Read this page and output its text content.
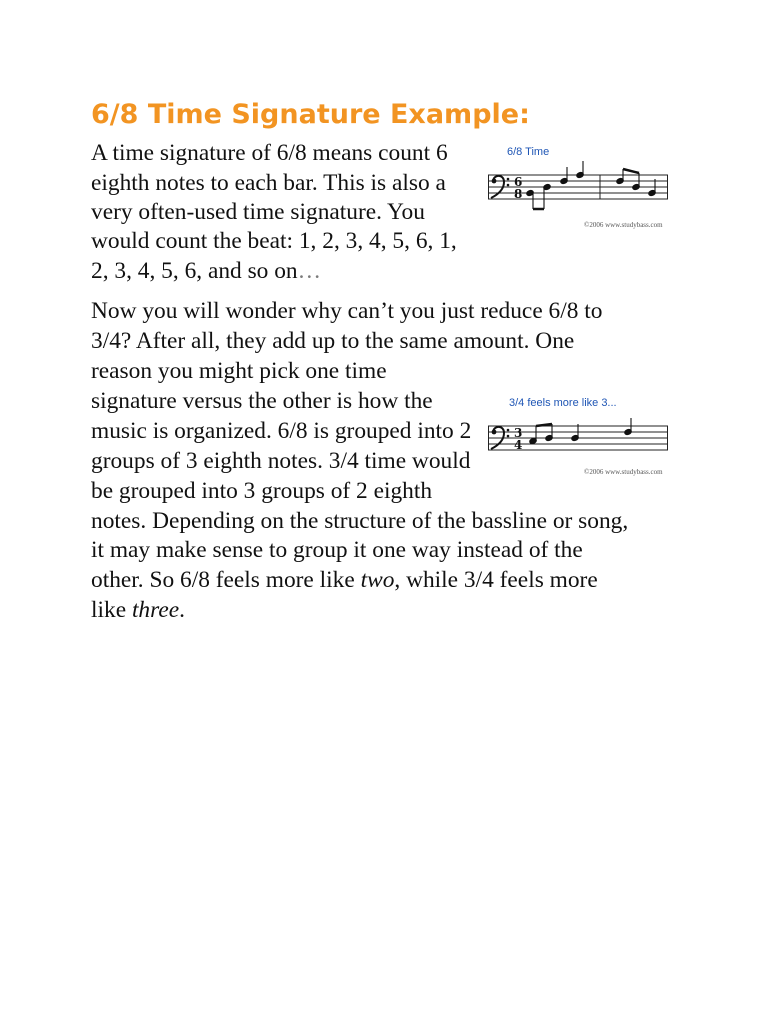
6/8 Time Signature Example:
A time signature of 6/8 means count 6
eighth notes to each bar. This is also a
very often-used time signature. You
would count the beat: 1, 2, 3, 4, 5, 6, 1,
2, 3, 4, 5, 6, and so on…
Now you will wonder why can’t you just reduce 6/8 to
3/4? After all, they add up to the same amount. One
reason you might pick one time
signature versus the other is how the
music is organized. 6/8 is grouped into 2
groups of 3 eighth notes. 3/4 time would
be grouped into 3 groups of 2 eighth
notes. Depending on the structure of the bassline or song,
it may make sense to group it one way instead of the
other. So 6/8 feels more like two, while 3/4 feels more
like three.
6/8 Time
6
8
©2006 www.studybass.com
3/4 feels more like 3...
3
4
©2006 www.studybass.com
